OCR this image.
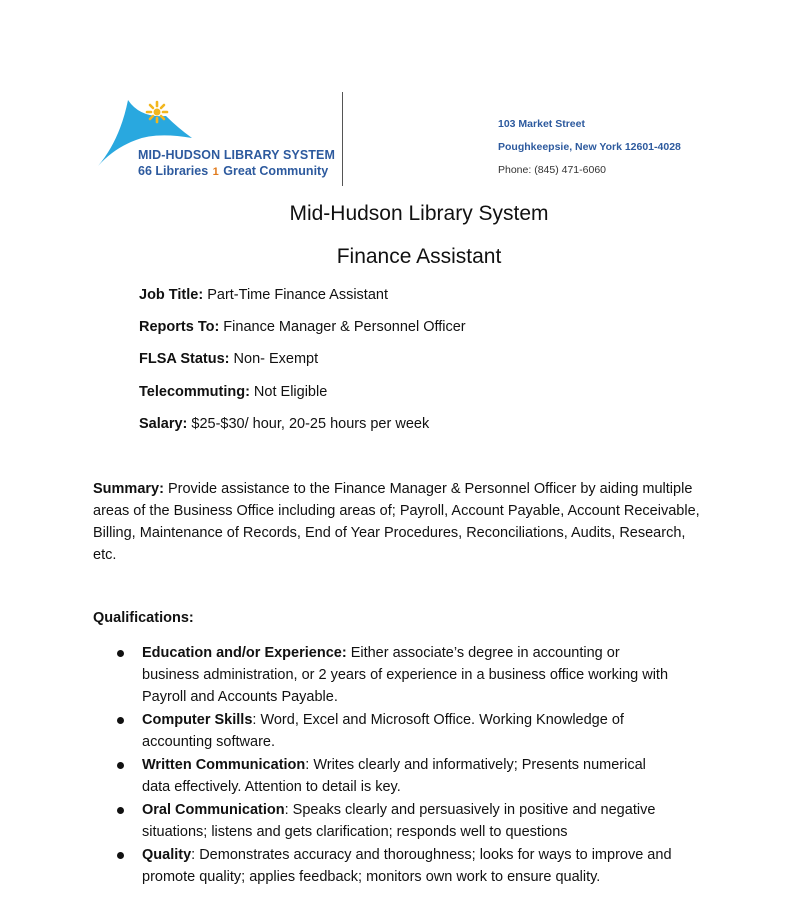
MID-HUDSON LIBRARY SYSTEM
66 Libraries 1 Great Community
103 Market Street
Poughkeepsie, New York 12601-4028
Phone: (845) 471-6060
Mid-Hudson Library System
Finance Assistant
Job Title: Part-Time Finance Assistant
Reports To: Finance Manager & Personnel Officer
FLSA Status: Non- Exempt
Telecommuting: Not Eligible
Salary: $25-$30/ hour, 20-25 hours per week
Summary: Provide assistance to the Finance Manager & Personnel Officer by aiding multiple areas of the Business Office including areas of; Payroll, Account Payable, Account Receivable, Billing, Maintenance of Records, End of Year Procedures, Reconciliations, Audits, Research, etc.
Qualifications:
Education and/or Experience: Either associate’s degree in accounting or business administration, or 2 years of experience in a business office working with Payroll and Accounts Payable.
Computer Skills: Word, Excel and Microsoft Office. Working Knowledge of accounting software.
Written Communication: Writes clearly and informatively; Presents numerical data effectively. Attention to detail is key.
Oral Communication: Speaks clearly and persuasively in positive and negative situations; listens and gets clarification; responds well to questions
Quality: Demonstrates accuracy and thoroughness; looks for ways to improve and promote quality; applies feedback; monitors own work to ensure quality.
